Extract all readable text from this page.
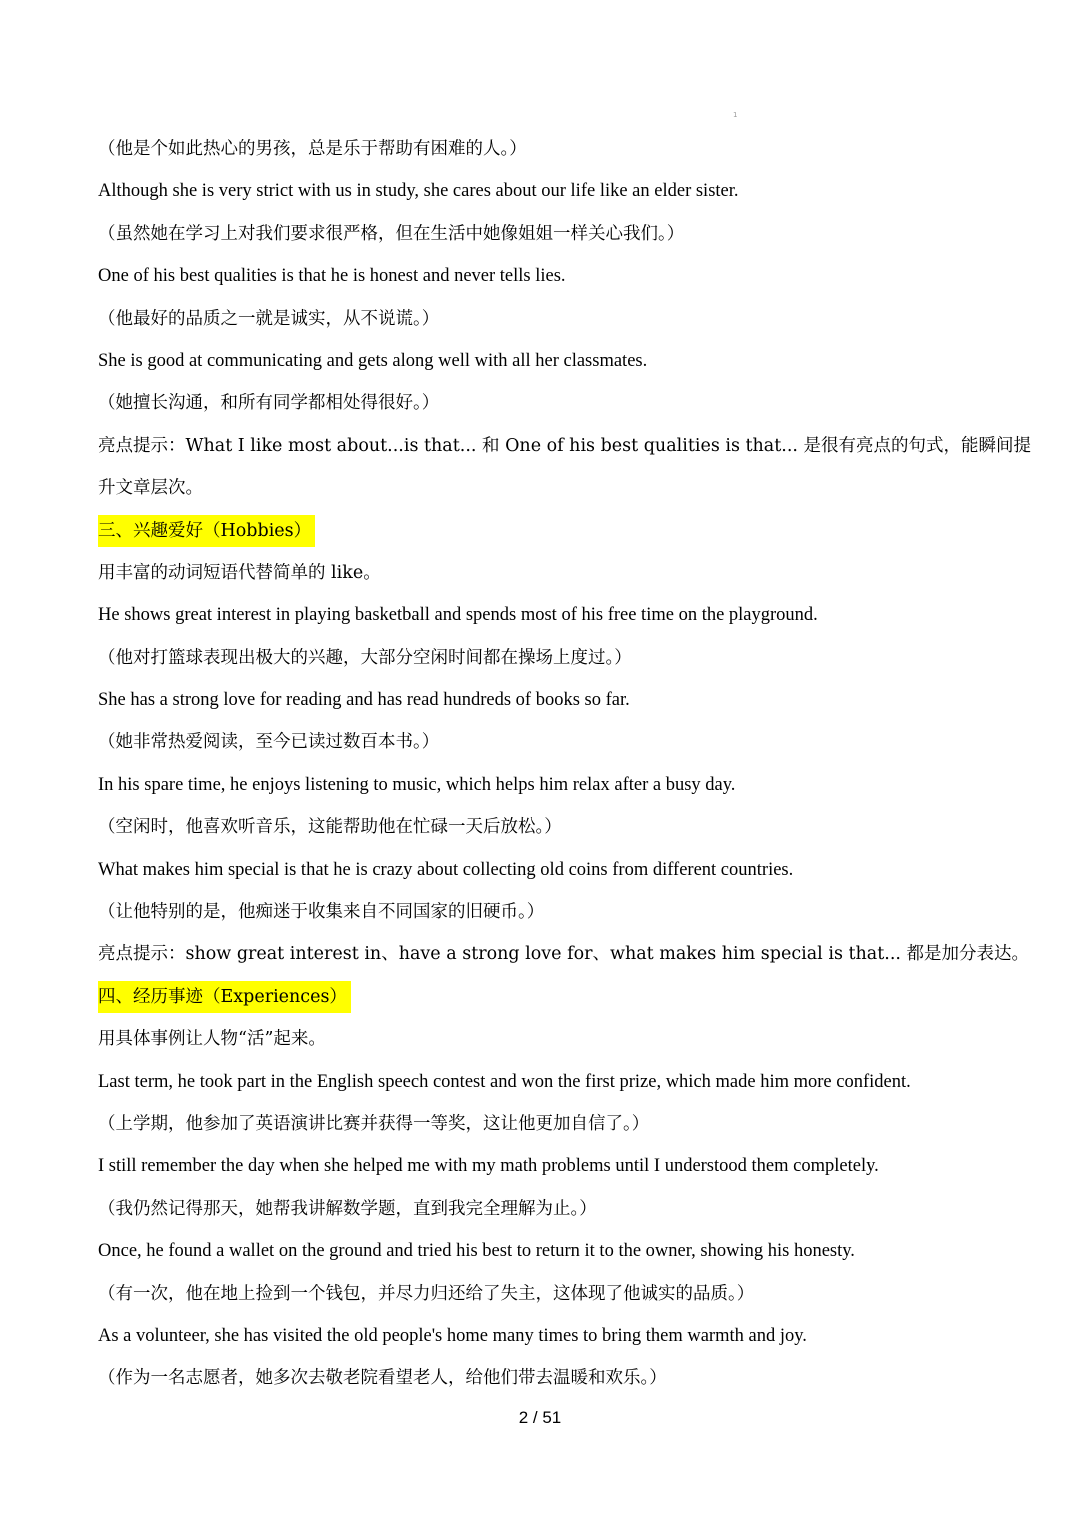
1
（他是个如此热心的男孩，总是乐于帮助有困难的人。）
Although she is very strict with us in study, she cares about our life like an elder sister.
（虽然她在学习上对我们要求很严格，但在生活中她像姐姐一样关心我们。）
One of his best qualities is that he is honest and never tells lies.
（他最好的品质之一就是诚实，从不说谎。）
She is good at communicating and gets along well with all her classmates.
（她擅长沟通，和所有同学都相处得很好。）
亮点提示：What I like most about...is that... 和 One of his best qualities is that... 是很有亮点的句式，能瞬间提
升文章层次。
三、兴趣爱好（Hobbies）
用丰富的动词短语代替简单的 like。
He shows great interest in playing basketball and spends most of his free time on the playground.
（他对打篮球表现出极大的兴趣，大部分空闲时间都在操场上度过。）
She has a strong love for reading and has read hundreds of books so far.
（她非常热爱阅读，至今已读过数百本书。）
In his spare time, he enjoys listening to music, which helps him relax after a busy day.
（空闲时，他喜欢听音乐，这能帮助他在忙碌一天后放松。）
What makes him special is that he is crazy about collecting old coins from different countries.
（让他特别的是，他痴迷于收集来自不同国家的旧硬币。）
亮点提示：show great interest in、have a strong love for、what makes him special is that... 都是加分表达。
四、经历事迹（Experiences）
用具体事例让人物“活”起来。
Last term, he took part in the English speech contest and won the first prize, which made him more confident.
（上学期，他参加了英语演讲比赛并获得一等奖，这让他更加自信了。）
I still remember the day when she helped me with my math problems until I understood them completely.
（我仍然记得那天，她帮我讲解数学题，直到我完全理解为止。）
Once, he found a wallet on the ground and tried his best to return it to the owner, showing his honesty.
（有一次，他在地上捡到一个钱包，并尽力归还给了失主，这体现了他诚实的品质。）
As a volunteer, she has visited the old people's home many times to bring them warmth and joy.
（作为一名志愿者，她多次去敬老院看望老人，给他们带去温暖和欢乐。）
2 / 51
